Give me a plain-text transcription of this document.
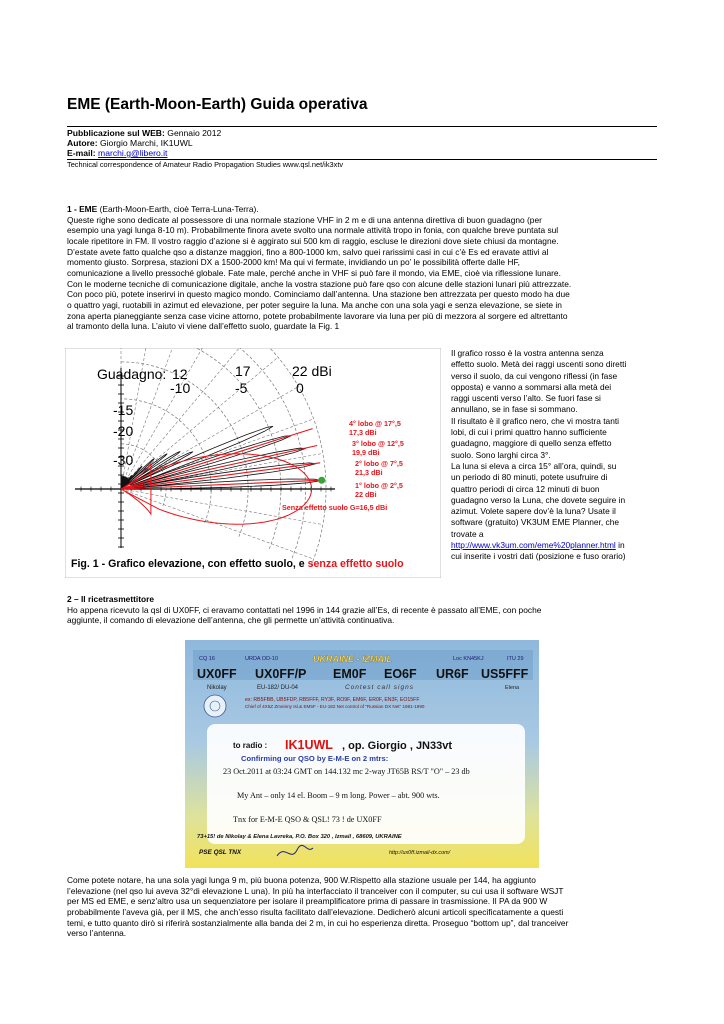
EME (Earth-Moon-Earth) Guida operativa
Pubblicazione sul WEB: Gennaio 2012
Autore: Giorgio Marchi, IK1UWL
E-mail: marchi.g@libero.it
Technical correspondence of Amateur Radio Propagation Studies www.qsl.net/ik3xtv
1 - EME (Earth-Moon-Earth, cioè Terra-Luna-Terra).
Queste righe sono dedicate al possessore di una normale stazione VHF in 2 m e di una antenna direttiva di buon guadagno (per
esempio una yagi lunga 8-10 m). Probabilmente finora avete svolto una normale attività tropo in fonia, con qualche breve puntata sul
locale ripetitore in FM. Il vostro raggio d’azione si è aggirato sui 500 km di raggio, escluse le direzioni dove siete chiusi da montagne.
D’estate avete fatto qualche qso a distanze maggiori, fino a 800-1000 km, salvo quei rarissimi casi in cui c’è Es ed eravate attivi al
momento giusto. Sorpresa, stazioni DX a 1500-2000 km! Ma qui vi fermate, invidiando un po’ le possibilità offerte dalle HF,
comunicazione a livello pressoché globale. Fate male, perché anche in VHF si può fare il mondo, via EME, cioè via riflessione lunare.
Con le moderne tecniche di comunicazione digitale, anche la vostra stazione può fare qso con alcune delle stazioni lunari più attrezzate.
Con poco più, potete inserirvi in questo magico mondo. Cominciamo dall’antenna. Una stazione ben attrezzata per questo modo ha due
o quattro yagi, ruotabili in azimut ed elevazione, per poter seguire la luna. Ma anche con una sola yagi e senza elevazione, se siete in
zona aperta pianeggiante senza case vicine attorno, potete probabilmente lavorare via luna per più di mezzora al sorgere ed altrettanto
al tramonto della luna. L’aiuto vi viene dall’effetto suolo, guardate la Fig. 1
Guadagno: 12	17	22 dBi
-10	-5	0
-15
-20
-30
4° lobo @ 17°,5
17,3 dBi
3° lobo @ 12°,5
19,9 dBi
2° lobo @ 7°,5
21,3 dBi
1° lobo @ 2°,5
22 dBi
Senza effetto suolo G=16,5 dBi
Fig. 1 - Grafico elevazione, con effetto suolo, e senza effetto suolo
Il grafico rosso è la vostra antenna senza
effetto suolo. Metà dei raggi uscenti sono diretti
verso il suolo, da cui vengono riflessi (in fase
opposta) e vanno a sommarsi alla metà dei
raggi uscenti verso l’alto. Se fuori fase si
annullano, se in fase si sommano.
Il risultato è il grafico nero, che vi mostra tanti
lobi, di cui i primi quattro hanno sufficiente
guadagno, maggiore di quello senza effetto
suolo. Sono larghi circa 3°.
La luna si eleva a circa 15° all’ora, quindi, su
un periodo di 80 minuti, potete usufruire di
quattro periodi di circa 12 minuti di buon
guadagno verso la Luna, che dovete seguire in
azimut. Volete sapere dov’è la luna? Usate il
software (gratuito) VK3UM EME Planner, che
trovate a
http://www.vk3um.com/eme%20planner.html in
cui inserite i vostri dati (posizione e fuso orario)
2 – Il ricetrasmettitore
Ho appena ricevuto la qsl di UX0FF, ci eravamo contattati nel 1996 in 144 grazie all’Es, di recente è passato all’EME, con poche
aggiunte, il comando di elevazione dell’antenna, che gli permette un’attività continuativa.
CQ 16	URDA OD-10	UKRAINE - IZMAIL	Loc KN45KJ	ITU 29
UX0FF UX0FF/P EM0F EO6F UR6F US5FFF
Nikolay	EU-182/ DU-04	Contest call signs	Elena
ex: RB5FBB, UB5FDP, RB5FFF, RY3F, RO9F, EM6F, ER0F, EN3F, EO15FF
Chief of 4X5Z Zmeinny Isl.& EM5F - EU-182 Net control of "Russian DX Net" 1981-1990
to radio : IK1UWL , op. Giorgio , JN33vt
Confirming our QSO by E-M-E on 2 mtrs:
23 Oct.2011 at 03:24 GMT on 144.132 mc 2-way JT65B RS/T "O" – 23 db
My Ant – only 14 el. Boom – 9 m long. Power – abt. 900 wts.
Tnx for E-M-E QSO & QSL! 73 ! de UX0FF
73+15! de Nikolay & Elena Lavreka, P.O. Box 320 , Izmail , 68609, UKRAINE
PSE QSL TNX	http://ux0ff.izmail-dx.com/
Come potete notare, ha una sola yagi lunga 9 m, più buona potenza, 900 W.Rispetto alla stazione usuale per 144, ha aggiunto
l’elevazione (nel qso lui aveva 32°di elevazione L una). In più ha interfacciato il tranceiver con il computer, su cui usa il software WSJT
per MS ed EME, e senz’altro usa un sequenziatore per isolare il preamplificatore prima di passare in trasmissione. Il PA da 900 W
probabilmente l’aveva già, per il MS, che anch’esso risulta facilitato dall’elevazione. Dedicherò alcuni articoli specificatamente a questi
temi, e tutto quanto dirò si riferirà sostanzialmente alla banda dei 2 m, in cui ho esperienza diretta. Proseguo “bottom up”, dal tranceiver
verso l’antenna.
